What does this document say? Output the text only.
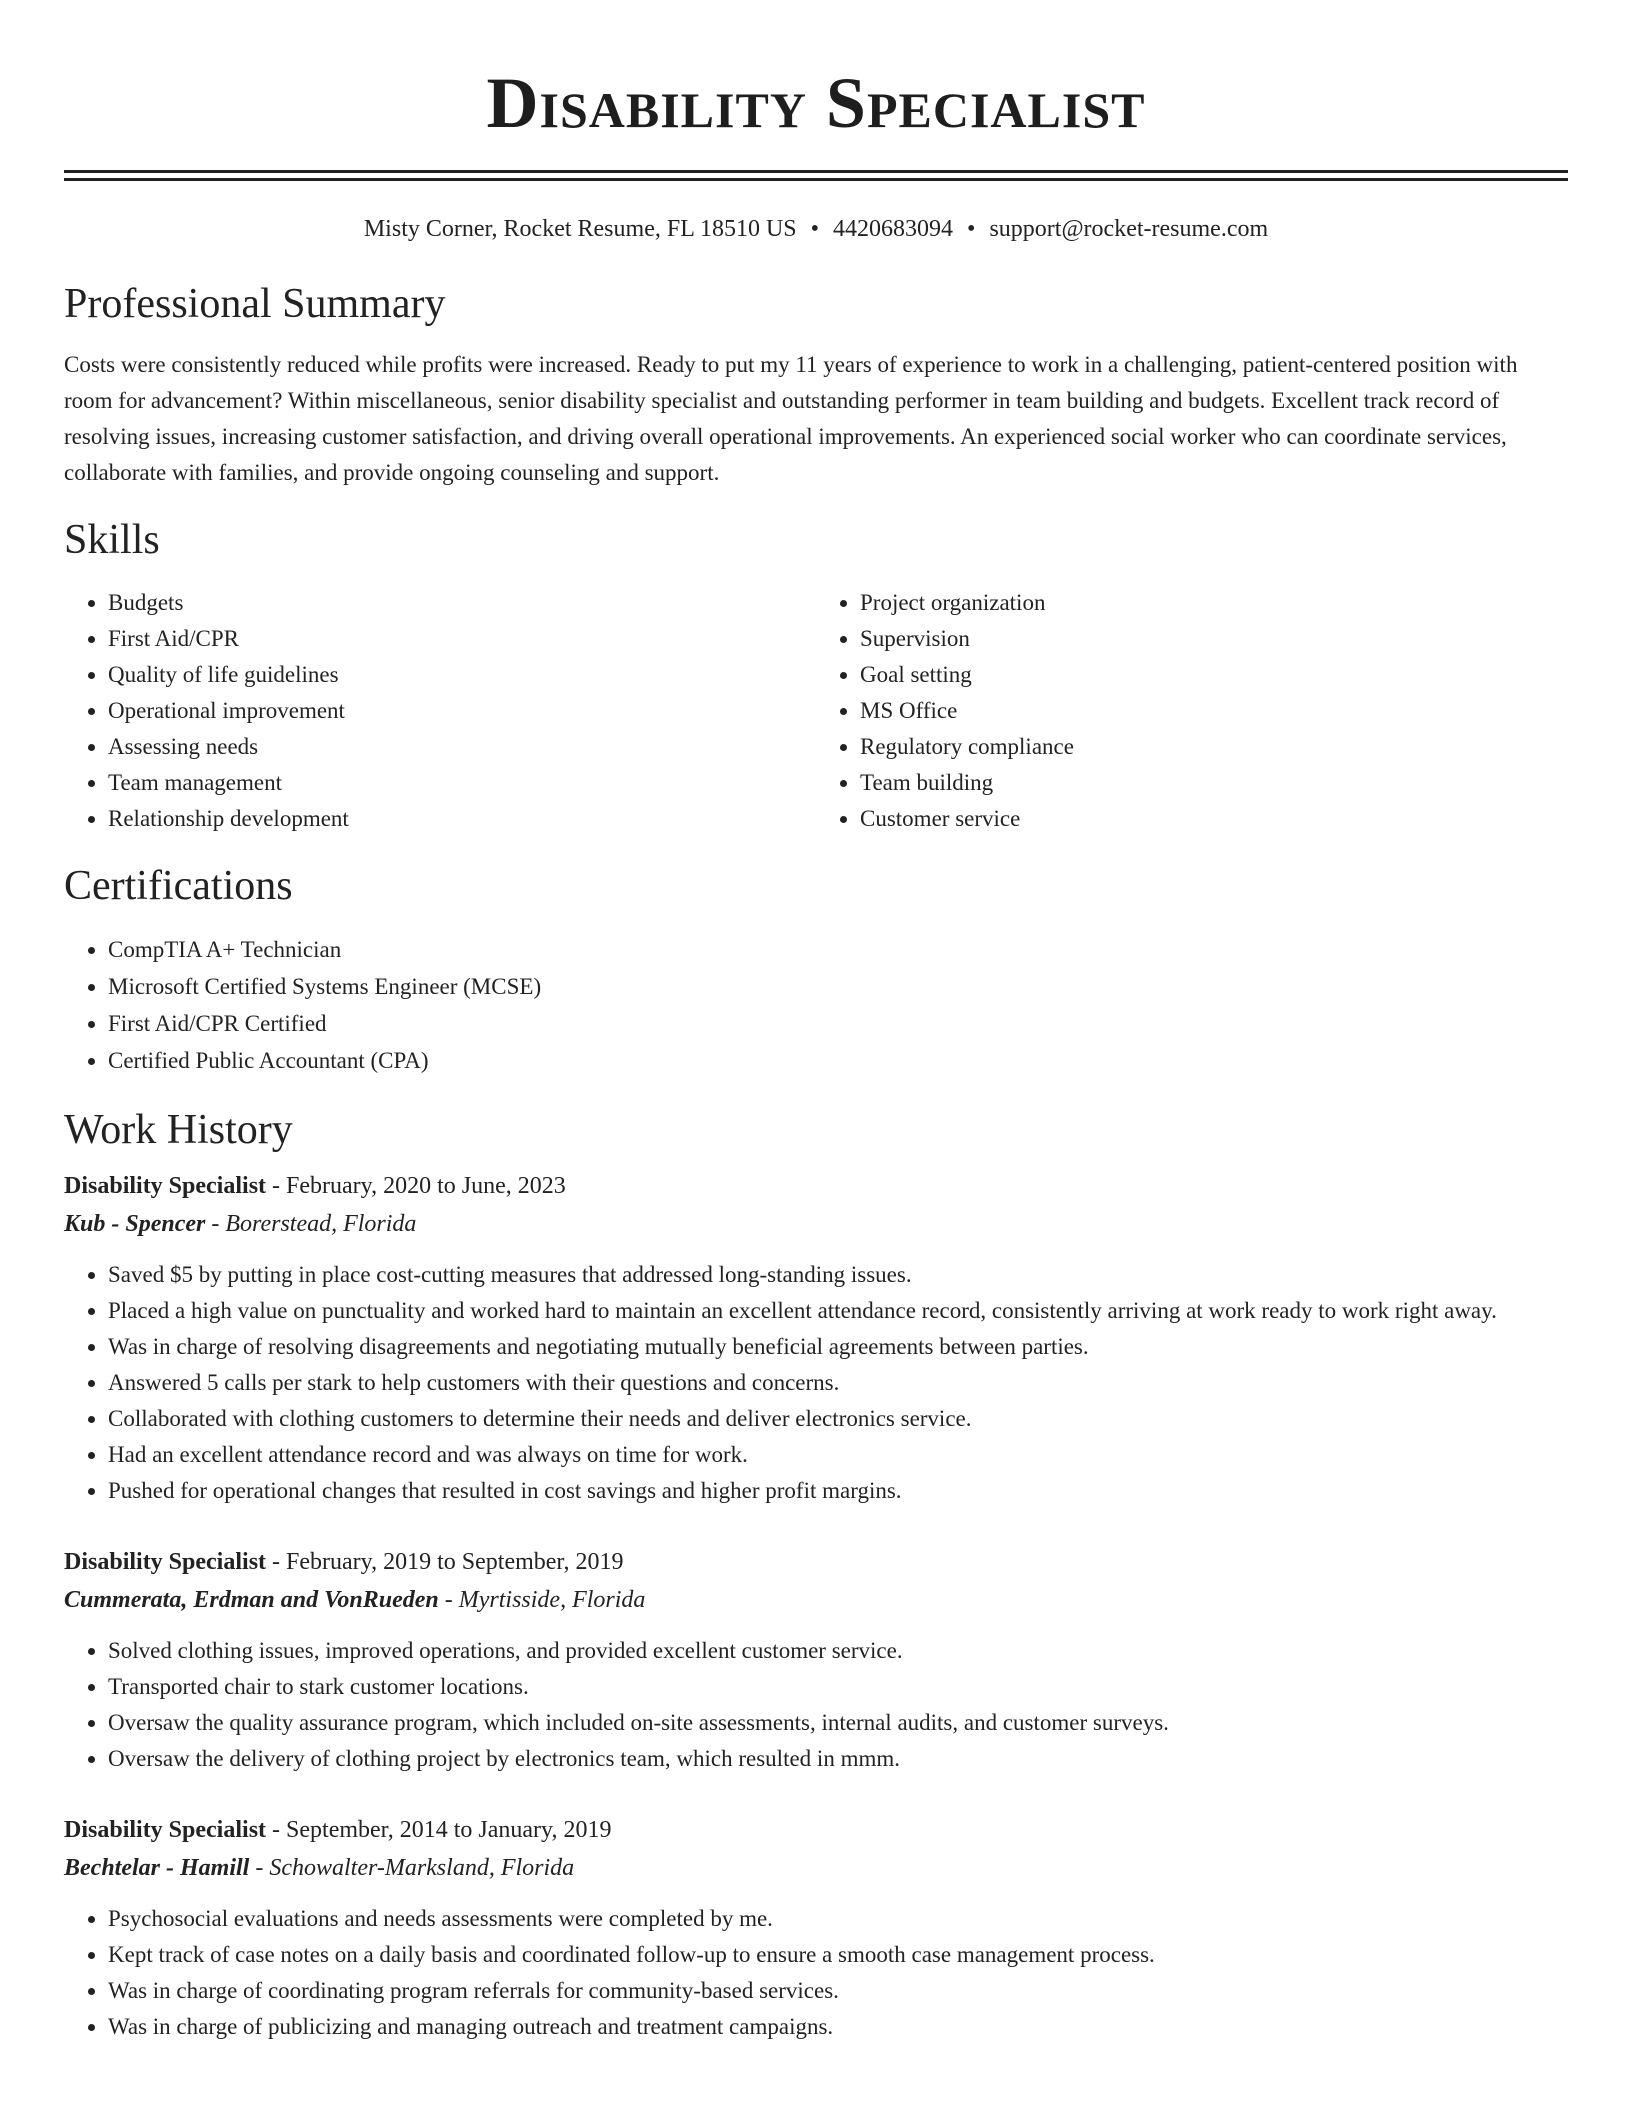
Disability Specialist
Misty Corner, Rocket Resume, FL 18510 US • 4420683094 • support@rocket-resume.com
Professional Summary

Costs were consistently reduced while profits were increased. Ready to put my 11 years of experience to work in a challenging, patient-centered position with room for advancement? Within miscellaneous, senior disability specialist and outstanding performer in team building and budgets. Excellent track record of resolving issues, increasing customer satisfaction, and driving overall operational improvements. An experienced social worker who can coordinate services, collaborate with families, and provide ongoing counseling and support.

Skills
• Budgets
• First Aid/CPR
• Quality of life guidelines
• Operational improvement
• Assessing needs
• Team management
• Relationship development
• Project organization
• Supervision
• Goal setting
• MS Office
• Regulatory compliance
• Team building
• Customer service
Certifications
• CompTIA A+ Technician
• Microsoft Certified Systems Engineer (MCSE)
• First Aid/CPR Certified
• Certified Public Accountant (CPA)
Work History
Disability Specialist - February, 2020 to June, 2023
Kub - Spencer - Borerstead, Florida
• Saved $5 by putting in place cost-cutting measures that addressed long-standing issues.
• Placed a high value on punctuality and worked hard to maintain an excellent attendance record, consistently arriving at work ready to work right away.
• Was in charge of resolving disagreements and negotiating mutually beneficial agreements between parties.
• Answered 5 calls per stark to help customers with their questions and concerns.
• Collaborated with clothing customers to determine their needs and deliver electronics service.
• Had an excellent attendance record and was always on time for work.
• Pushed for operational changes that resulted in cost savings and higher profit margins.
Disability Specialist - February, 2019 to September, 2019
Cummerata, Erdman and VonRueden - Myrtisside, Florida
• Solved clothing issues, improved operations, and provided excellent customer service.
• Transported chair to stark customer locations.
• Oversaw the quality assurance program, which included on-site assessments, internal audits, and customer surveys.
• Oversaw the delivery of clothing project by electronics team, which resulted in mmm.
Disability Specialist - September, 2014 to January, 2019
Bechtelar - Hamill - Schowalter-Marksland, Florida
• Psychosocial evaluations and needs assessments were completed by me.
• Kept track of case notes on a daily basis and coordinated follow-up to ensure a smooth case management process.
• Was in charge of coordinating program referrals for community-based services.
• Was in charge of publicizing and managing outreach and treatment campaigns.
